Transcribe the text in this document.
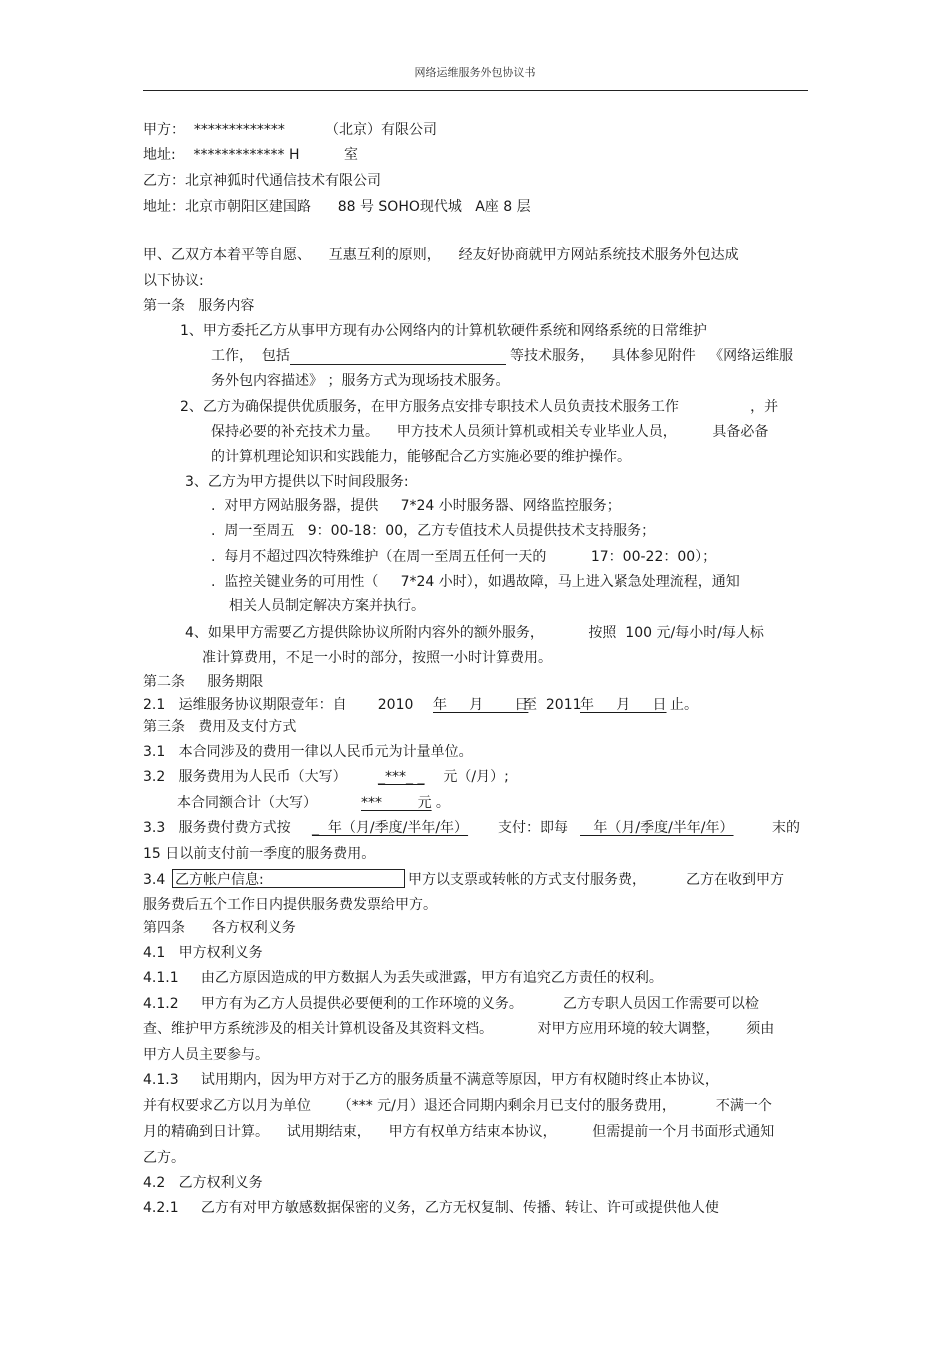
网络运维服务外包协议书
甲方：  *************         （北京）有限公司
地址:    ************* H          室
乙方：北京神狐时代通信技术有限公司
地址：北京市朝阳区建国路      88 号 SOHO现代城   A座 8 层
甲、乙双方本着平等自愿、    互惠互利的原则，    经友好协商就甲方网站系统技术服务外包达成
以下协议:
第一条   服务内容
1、甲方委托乙方从事甲方现有办公网络内的计算机软硬件系统和网络系统的日常维护
工作，  包括	等技术服务，    具体参见附件   《网络运维服
务外包内容描述》 ；服务方式为现场技术服务。
2、乙方为确保提供优质服务，在甲方服务点安排专职技术人员负责技术服务工作                ，并
保持必要的补充技术力量。    甲方技术人员须计算机或相关专业毕业人员，        具备必备
的计算机理论知识和实践能力，能够配合乙方实施必要的维护操作。
3、乙方为甲方提供以下时间段服务:
.  对甲方网站服务器，提供     7*24 小时服务器、网络监控服务；
.  周一至周五   9：00-18：00，乙方专值技术人员提供技术支持服务；
.  每月不超过四次特殊维护（在周一至周五任何一天的          17：00-22：00）；
.  监控关键业务的可用性（     7*24 小时），如遇故障，马上进入紧急处理流程，通知
相关人员制定解决方案并执行。
4、如果甲方需要乙方提供除协议所附内容外的额外服务，          按照  100 元/每小时/每人标
准计算费用，不足一小时的部分，按照一小时计算费用。
第二条     服务期限
2.1   运维服务协议期限壹年：自       2010 年     月       日
至  2011
年     月     日 止。
第三条   费用及支付方式
3.1   本合同涉及的费用一律以人民币元为计量单位。
3.2   服务费用为人民币（大写） _***_ _ 元（/月）;
本合同额合计（大写） ***        元
。
3.3   服务费付费方式按 _  年（月/季度/半年/年） 支付：即每
年（月/季度/半年/年）	末的
15 日以前支付前一季度的服务费用。
3.4 乙方帐户信息:	甲方以支票或转帐的方式支付服务费，         乙方在收到甲方
服务费后五个工作日内提供服务费发票给甲方。
第四条      各方权利义务
4.1   甲方权利义务
4.1.1     由乙方原因造成的甲方数据人为丢失或泄露，甲方有追究乙方责任的权利。
4.1.2     甲方有为乙方人员提供必要便利的工作环境的义务。         乙方专职人员因工作需要可以检
查、维护甲方系统涉及的相关计算机设备及其资料文档。          对甲方应用环境的较大调整，      须由
甲方人员主要参与。
4.1.3     试用期内，因为甲方对于乙方的服务质量不满意等原因，甲方有权随时终止本协议，
并有权要求乙方以月为单位      （*** 元/月）退还合同期内剩余月已支付的服务费用，         不满一个
月的精确到日计算。    试用期结束，    甲方有权单方结束本协议，        但需提前一个月书面形式通知
乙方。
4.2   乙方权利义务
4.2.1     乙方有对甲方敏感数据保密的义务，乙方无权复制、传播、转让、许可或提供他人使
